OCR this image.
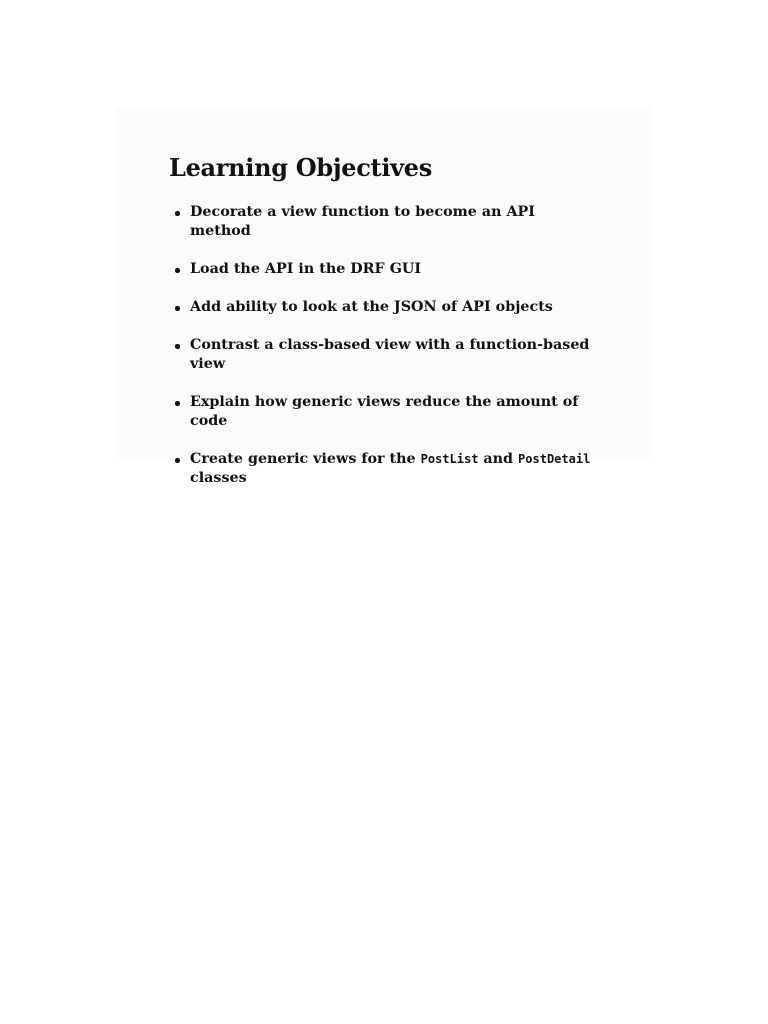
Learning Objectives
Decorate a view function to become an API method
Load the API in the DRF GUI
Add ability to look at the JSON of API objects
Contrast a class-based view with a function-based view
Explain how generic views reduce the amount of code
Create generic views for the PostList and PostDetail classes
